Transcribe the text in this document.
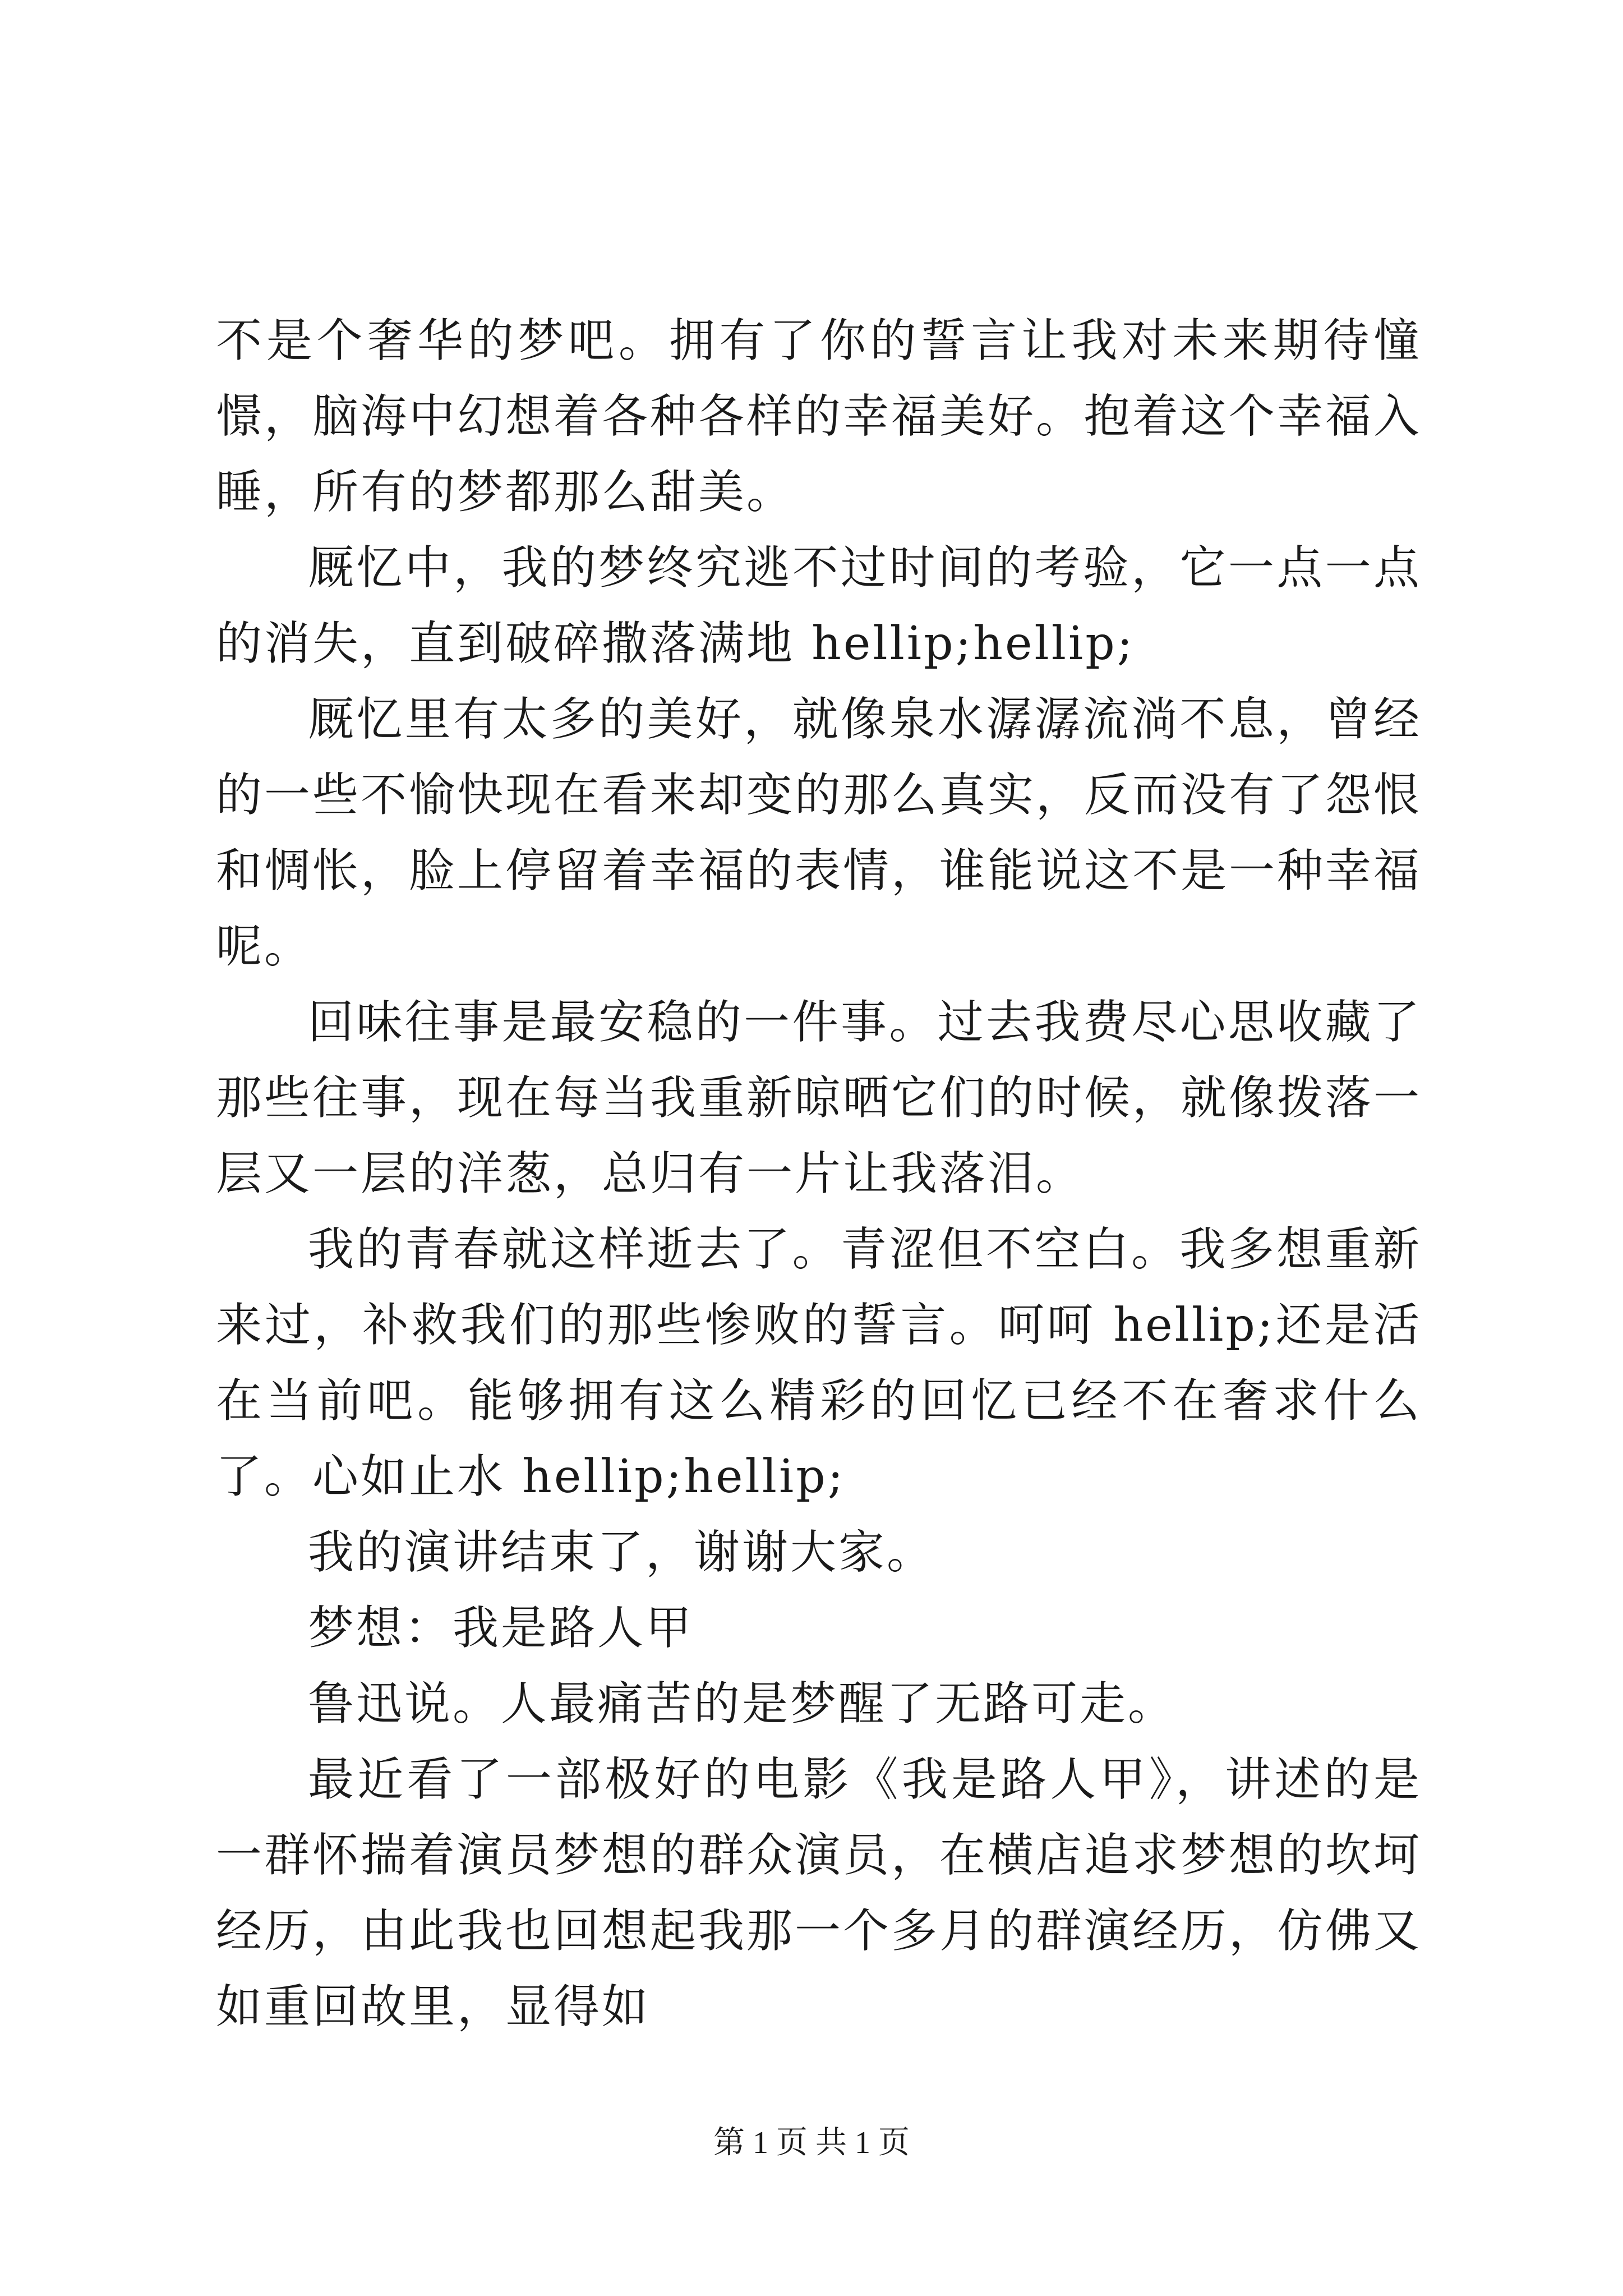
不是个奢华的梦吧。拥有了你的誓言让我对未来期待憧憬，脑海中幻想着各种各样的幸福美好。抱着这个幸福入睡，所有的梦都那么甜美。

厩忆中，我的梦终究逃不过时间的考验，它一点一点的消失，直到破碎撒落满地 hellip;hellip;

厩忆里有太多的美好，就像泉水潺潺流淌不息，曾经的一些不愉快现在看来却变的那么真实，反而没有了怨恨和惆怅，脸上停留着幸福的表情，谁能说这不是一种幸福呢。

回味往事是最安稳的一件事。过去我费尽心思收藏了那些往事，现在每当我重新晾晒它们的时候，就像拨落一层又一层的洋葱，总归有一片让我落泪。

我的青春就这样逝去了。青涩但不空白。我多想重新来过，补救我们的那些惨败的誓言。呵呵 hellip;还是活在当前吧。能够拥有这么精彩的回忆已经不在奢求什么了。心如止水 hellip;hellip;

我的演讲结束了，谢谢大家。

梦想：我是路人甲

鲁迅说。人最痛苦的是梦醒了无路可走。

最近看了一部极好的电影《我是路人甲》，讲述的是一群怀揣着演员梦想的群众演员，在横店追求梦想的坎坷经历，由此我也回想起我那一个多月的群演经历，仿佛又如重回故里，显得如

第 1 页 共 1 页
